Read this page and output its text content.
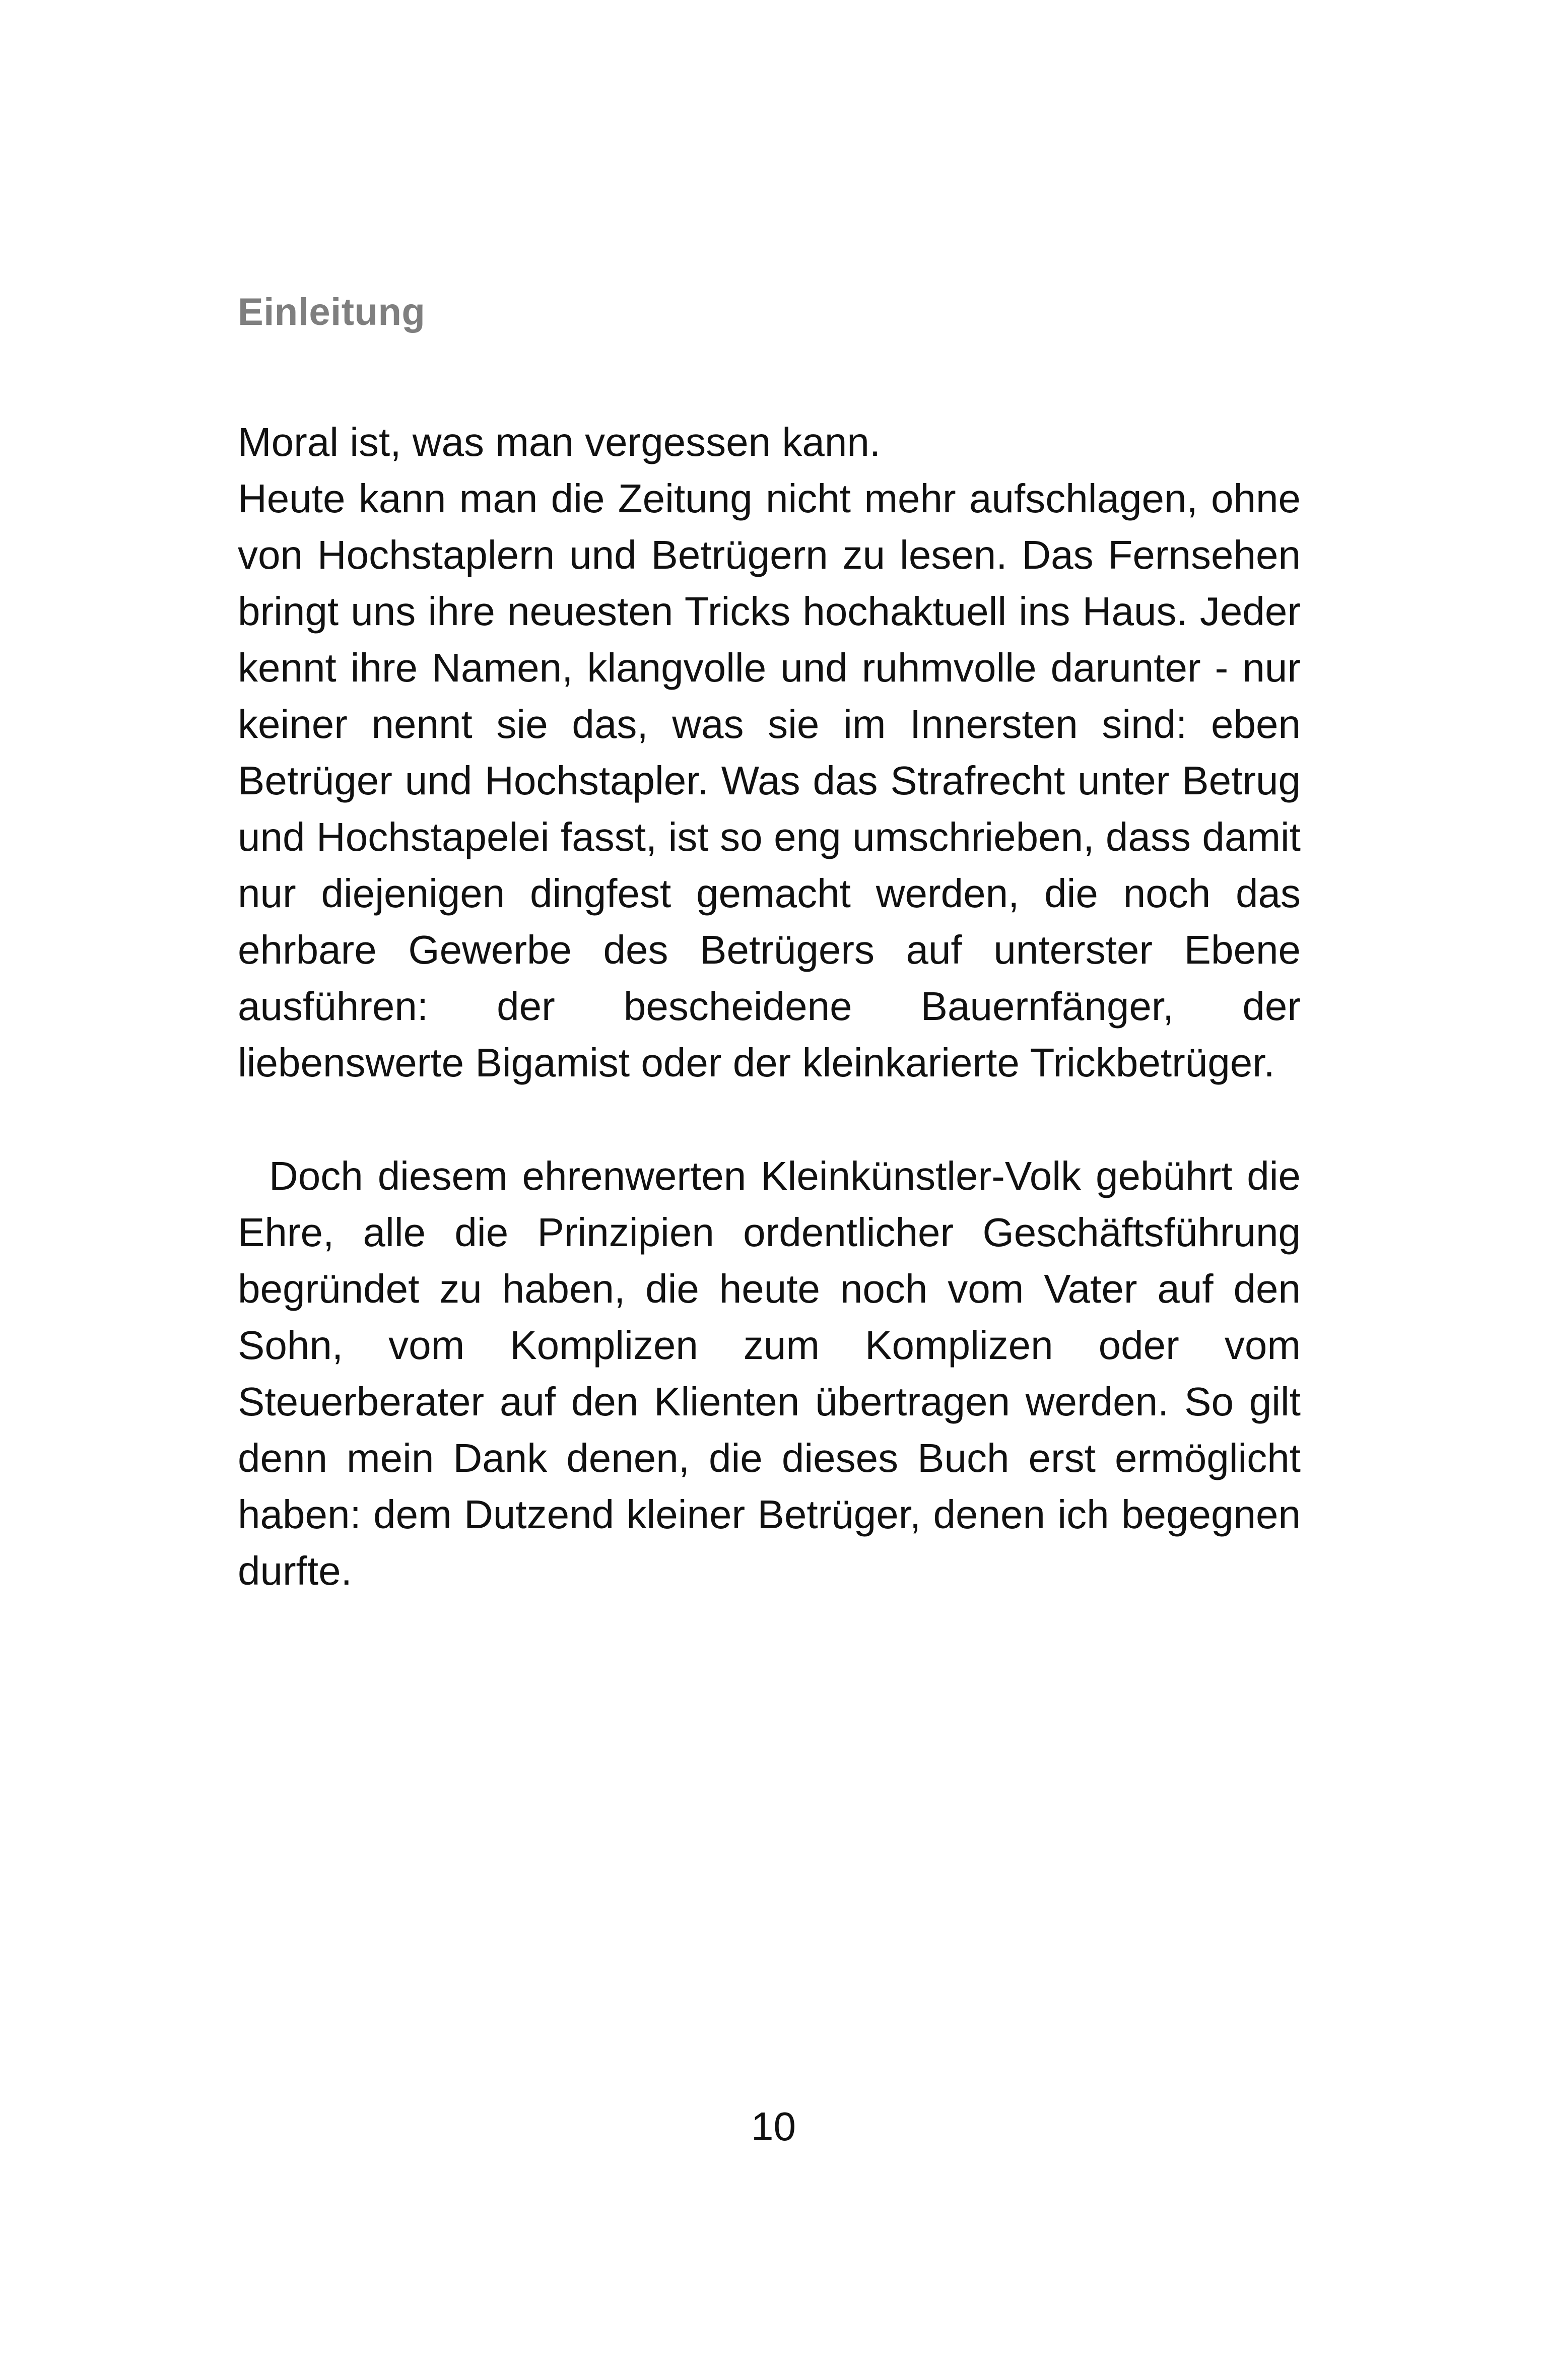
Einleitung

Moral ist, was man vergessen kann.

Heute kann man die Zeitung nicht mehr aufschlagen, ohne von Hochstaplern und Betrügern zu lesen. Das Fernsehen bringt uns ihre neuesten Tricks hochaktuell ins Haus. Jeder kennt ihre Namen, klangvolle und ruhmvolle darunter - nur keiner nennt sie das, was sie im Innersten sind: eben Betrüger und Hochstapler. Was das Strafrecht unter Betrug und Hochstapelei fasst, ist so eng umschrieben, dass damit nur diejenigen dingfest gemacht werden, die noch das ehrbare Gewerbe des Betrügers auf unterster Ebene ausführen: der bescheidene Bauernfänger, der liebenswerte Bigamist oder der kleinkarierte Trickbetrüger.

Doch diesem ehrenwerten Kleinkünstler-Volk gebührt die Ehre, alle die Prinzipien ordentlicher Geschäftsführung begründet zu haben, die heute noch vom Vater auf den Sohn, vom Komplizen zum Komplizen oder vom Steuerberater auf den Klienten übertragen werden. So gilt denn mein Dank denen, die dieses Buch erst ermöglicht haben: dem Dutzend kleiner Betrüger, denen ich begegnen durfte.

10
